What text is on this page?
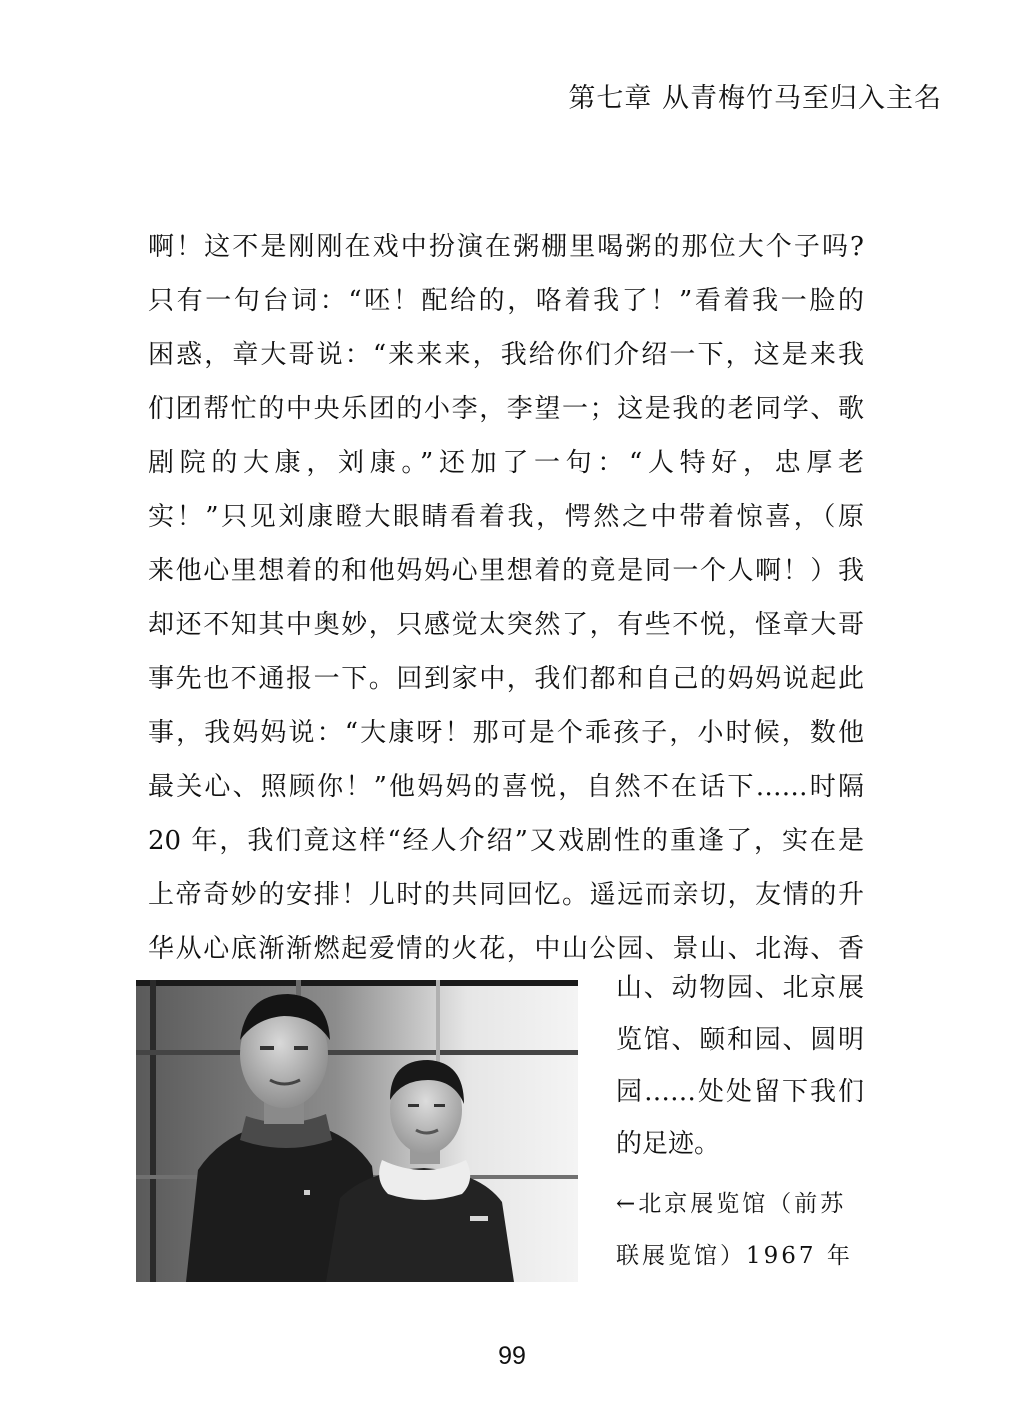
第七章 从青梅竹马至归入主名
啊！这不是刚刚在戏中扮演在粥棚里喝粥的那位大个子吗?
只有一句台词：“呸！配给的，咯着我了！”看着我一脸的
困惑，章大哥说：“来来来，我给你们介绍一下，这是来我
们团帮忙的中央乐团的小李，李望一；这是我的老同学、歌
剧院的大康，刘康。”还加了一句：“人特好，忠厚老
实！”只见刘康瞪大眼睛看着我，愕然之中带着惊喜，（原
来他心里想着的和他妈妈心里想着的竟是同一个人啊！）我
却还不知其中奥妙，只感觉太突然了，有些不悦，怪章大哥
事先也不通报一下。回到家中，我们都和自己的妈妈说起此
事，我妈妈说：“大康呀！那可是个乖孩子，小时候，数他
最关心、照顾你！”他妈妈的喜悦，自然不在话下……时隔
20 年，我们竟这样“经人介绍”又戏剧性的重逢了，实在是
上帝奇妙的安排！儿时的共同回忆。遥远而亲切，友情的升
华从心底渐渐燃起爱情的火花，中山公园、景山、北海、香
山、动物园、北京展
览馆、颐和园、圆明
园……处处留下我们
的足迹。
←北京展览馆（前苏
联展览馆）1967 年
99
